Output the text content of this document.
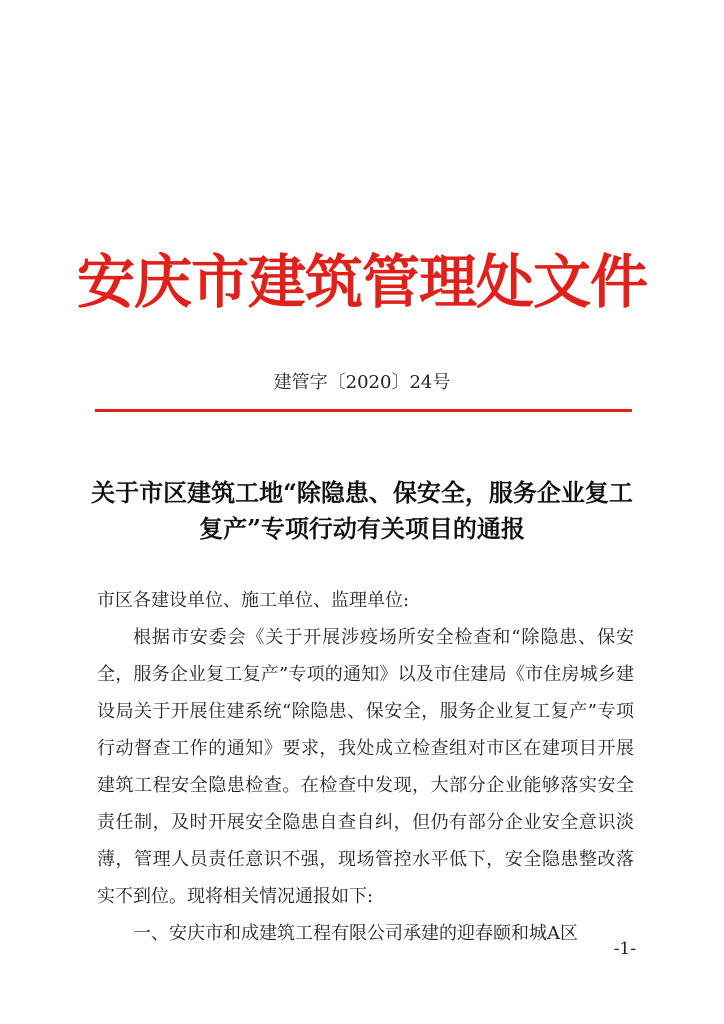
安庆市建筑管理处文件
建管字〔2020〕24号
关于市区建筑工地“除隐患、保安全，服务企业复工复产”专项行动有关项目的通报
市区各建设单位、施工单位、监理单位:

根据市安委会《关于开展涉疫场所安全检查和“除隐患、保安全，服务企业复工复产”专项的通知》以及市住建局《市住房城乡建设局关于开展住建系统“除隐患、保安全，服务企业复工复产”专项行动督查工作的通知》要求，我处成立检查组对市区在建项目开展建筑工程安全隐患检查。在检查中发现，大部分企业能够落实安全责任制，及时开展安全隐患自查自纠，但仍有部分企业安全意识淡薄，管理人员责任意识不强，现场管控水平低下，安全隐患整改落实不到位。现将相关情况通报如下:

一、安庆市和成建筑工程有限公司承建的迎春颐和城A区

-1-
